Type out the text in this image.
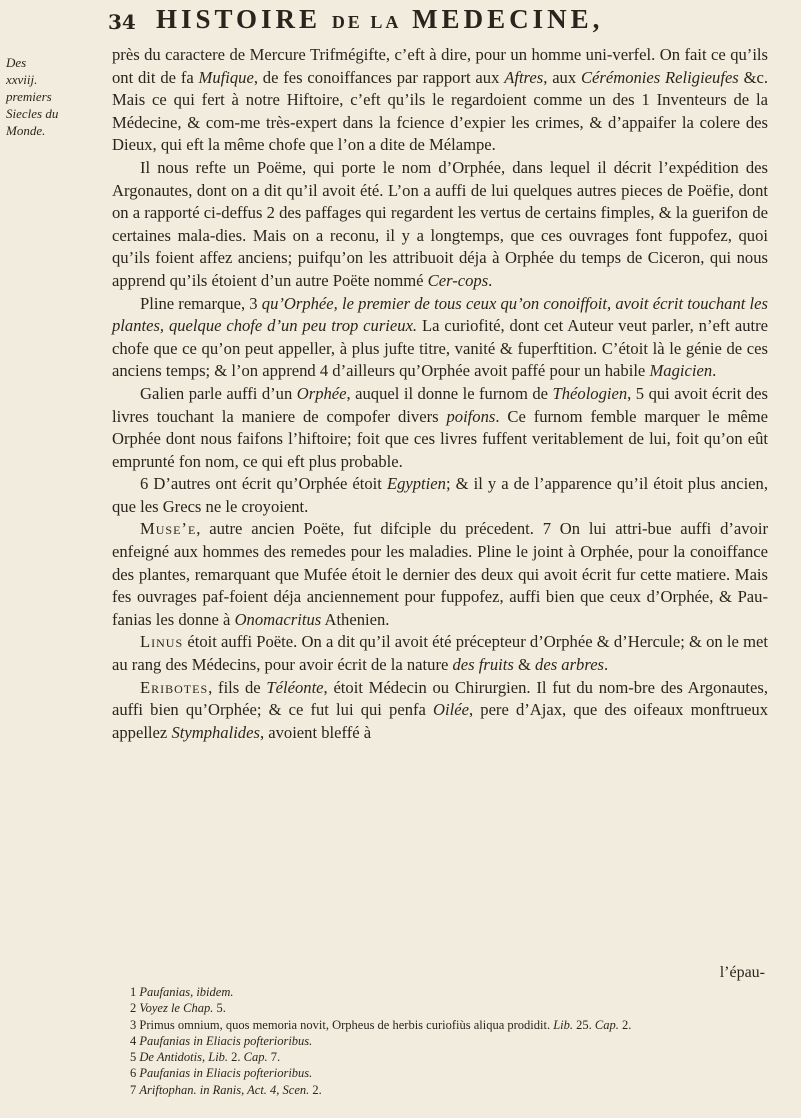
34 HISTOIRE DE LA MEDECINE,
Des
xxviij.
premiers
Siecles du
Monde.

près du caractere de Mercure Trifmégifte, c’eft à dire, pour un homme uni-verfel. On fait ce qu’ils ont dit de fa Mufique, de fes conoiffances par rapport aux Aftres, aux Cérémonies Religieufes &c. Mais ce qui fert à notre Hiftoire, c’eft qu’ils le regardoient comme un des 1 Inventeurs de la Médecine, & com-me très-expert dans la fcience d’expier les crimes, & d’appaifer la colere des Dieux, qui eft la même chofe que l’on a dite de Mélampe.

Il nous refte un Poëme, qui porte le nom d’Orphée, dans lequel il décrit l’expédition des Argonautes, dont on a dit qu’il avoit été. L’on a auffi de lui quelques autres pieces de Poëfie, dont on a rapporté ci-deffus 2 des paffages qui regardent les vertus de certains fimples, & la guerifon de certaines mala-dies. Mais on a reconu, il y a longtemps, que ces ouvrages font fuppofez, quoi qu’ils foient affez anciens; puifqu’on les attribuoit déja à Orphée du temps de Ciceron, qui nous apprend qu’ils étoient d’un autre Poëte nommé Cer-cops.

Pline remarque, 3 qu’Orphée, le premier de tous ceux qu’on conoiffoit, avoit écrit touchant les plantes, quelque chofe d’un peu trop curieux. La curiofité, dont cet Auteur veut parler, n’eft autre chofe que ce qu’on peut appeller, à plus jufte titre, vanité & fuperftition. C’étoit là le génie de ces anciens temps; & l’on apprend 4 d’ailleurs qu’Orphée avoit paffé pour un habile Magicien.

Galien parle auffi d’un Orphée, auquel il donne le furnom de Théologien, 5 qui avoit écrit des livres touchant la maniere de compofer divers poifons. Ce furnom femble marquer le même Orphée dont nous faifons l’hiftoire; foit que ces livres fuffent veritablement de lui, foit qu’on eût emprunté fon nom, ce qui eft plus probable.

6 D’autres ont écrit qu’Orphée étoit Egyptien; & il y a de l’apparence qu’il étoit plus ancien, que les Grecs ne le croyoient.

Muse’e, autre ancien Poëte, fut difciple du précedent. 7 On lui attri-bue auffi d’avoir enfeigné aux hommes des remedes pour les maladies. Pline le joint à Orphée, pour la conoiffance des plantes, remarquant que Mufée étoit le dernier des deux qui avoit écrit fur cette matiere. Mais fes ouvrages paf-foient déja anciennement pour fuppofez, auffi bien que ceux d’Orphée, & Pau-fanias les donne à Onomacritus Athenien.

Linus étoit auffi Poëte. On a dit qu’il avoit été précepteur d’Orphée & d’Hercule; & on le met au rang des Médecins, pour avoir écrit de la nature des fruits & des arbres.

Eribotes, fils de Téléonte, étoit Médecin ou Chirurgien. Il fut du nom-bre des Argonautes, auffi bien qu’Orphée; & ce fut lui qui penfa Oilée, pere d’Ajax, que des oifeaux monftrueux appellez Stymphalides, avoient bleffé à

l’épau-
1 Paufanias, ibidem.
2 Voyez le Chap. 5.
3 Primus omnium, quos memoria novit, Orpheus de herbis curiofiùs aliqua prodidit. Lib. 25. Cap. 2.
4 Paufanias in Eliacis pofterioribus.
5 De Antidotis, Lib. 2. Cap. 7.
6 Paufanias in Eliacis pofterioribus.
7 Ariftophan. in Ranis, Act. 4, Scen. 2.
